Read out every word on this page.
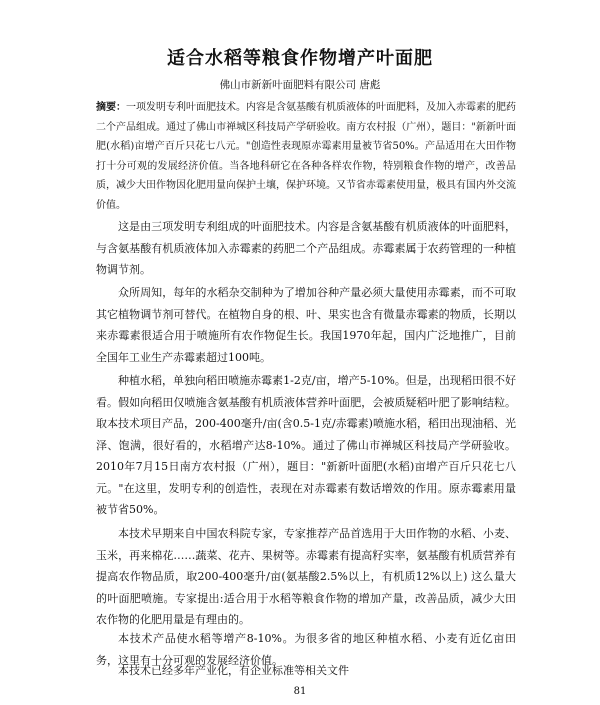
适合水稻等粮食作物增产叶面肥
佛山市新新叶面肥料有限公司 唐彪
摘要：一项发明专利叶面肥技术。内容是含氨基酸有机质液体的叶面肥料，及加入赤霉素的肥药二个产品组成。通过了佛山市禅城区科技局产学研验收。南方农村报（广州），题目："新新叶面肥(水稻)亩增产百斤只花七八元。"创造性表现原赤霉素用量被节省50%。产品适用在大田作物打十分可观的发展经济价值。当各地科研它在各种各样农作物，特别粮食作物的增产，改善品质，减少大田作物因化肥用量向保护土壤，保护环境。又节省赤霉素使用量，极具有国内外交流价值。

这是由三项发明专利组成的叶面肥技术。内容是含氨基酸有机质液体的叶面肥料，与含氨基酸有机质液体加入赤霉素的药肥二个产品组成。赤霉素属于农药管理的一种植物调节剂。

众所周知，每年的水稻杂交制种为了增加谷种产量必须大量使用赤霉素，而不可取其它植物调节剂可替代。在植物自身的根、叶、果实也含有微量赤霉素的物质，长期以来赤霉素很适合用于喷施所有农作物促生长。我国1970年起，国内广泛地推广，目前全国年工业生产赤霉素超过100吨。

种植水稻，单独向稻田喷施赤霉素1-2克/亩，增产5-10%。但是，出现稻田很不好看。假如向稻田仅喷施含氨基酸有机质液体营养叶面肥，会被质疑稻叶肥了影响结粒。取本技术项目产品，200-400毫升/亩(含0.5-1克/赤霉素)喷施水稻，稻田出现油稻、光泽、饱满，很好看的，水稻增产达8-10%。通过了佛山市禅城区科技局产学研验收。2010年7月15日南方农村报（广州），题目："新新叶面肥(水稻)亩增产百斤只花七八元。"在这里，发明专利的创造性，表现在对赤霉素有数话增效的作用。原赤霉素用量被节省50%。

本技术早期来自中国农科院专家，专家推荐产品首选用于大田作物的水稻、小麦、玉米，再来棉花……蔬菜、花卉、果树等。赤霉素有提高籽实率，氨基酸有机质营养有提高农作物品质，取200-400毫升/亩(氨基酸2.5%以上，有机质12%以上) 这么量大的叶面肥喷施。专家提出:适合用于水稻等粮食作物的增加产量，改善品质，减少大田农作物的化肥用量是有理由的。

本技术产品使水稻等增产8-10%。为很多省的地区种植水稻、小麦有近亿亩田务，这里有十分可观的发展经济价值。

本技术已经多年产业化，有企业标准等相关文件

81
